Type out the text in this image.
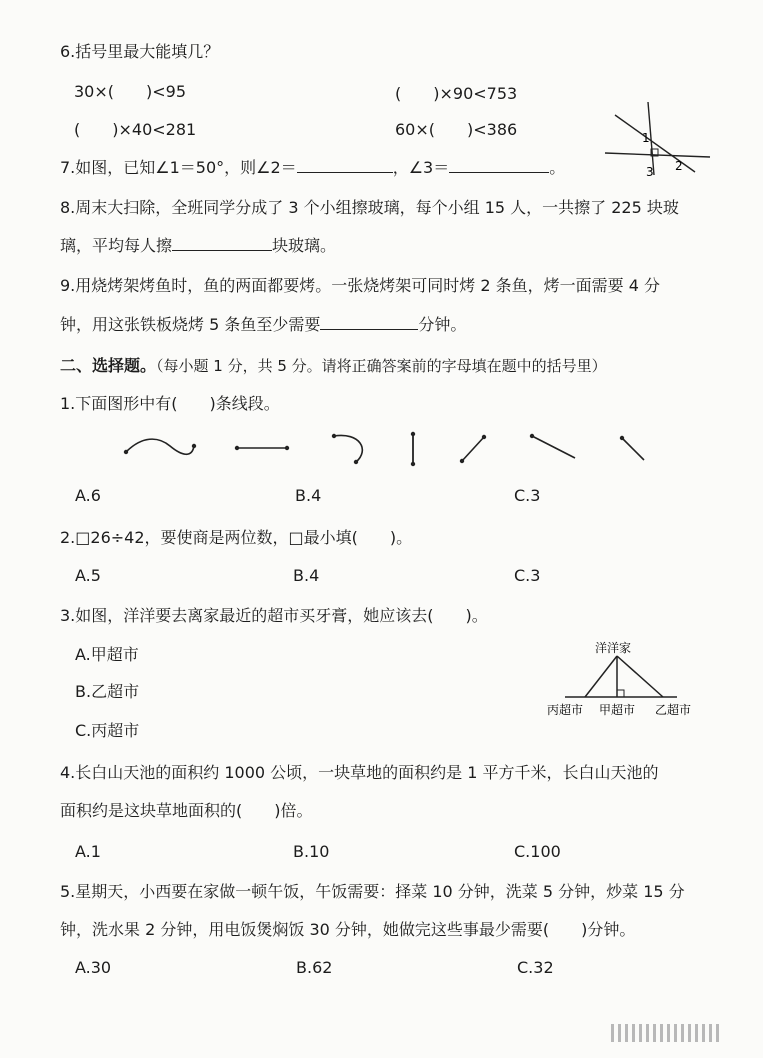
6.括号里最大能填几？
30×(　　)<95	(　　)×90<753
(　　)×40<281	60×(　　)<386	1
2
3
7.如图，已知∠1＝50°，则∠2＝	，∠3＝	。
8.周末大扫除，全班同学分成了 3 个小组擦玻璃，每个小组 15 人，一共擦了 225 块玻
璃，平均每人擦	块玻璃。
9.用烧烤架烤鱼时，鱼的两面都要烤。一张烧烤架可同时烤 2 条鱼，烤一面需要 4 分
钟，用这张铁板烧烤 5 条鱼至少需要	分钟。
二、选择题。（每小题 1 分，共 5 分。请将正确答案前的字母填在题中的括号里）
1.下面图形中有(　　)条线段。
A.6	B.4	C.3
2.□26÷42，要使商是两位数，□最小填(　　)。
A.5	B.4	C.3
3.如图，洋洋要去离家最近的超市买牙膏，她应该去(　　)。
A.甲超市
B.乙超市
C.丙超市
洋洋家
丙超市 甲超市 乙超市
4.长白山天池的面积约 1000 公顷，一块草地的面积约是 1 平方千米，长白山天池的
面积约是这块草地面积的(　　)倍。
A.1	B.10	C.100
5.星期天，小西要在家做一顿午饭，午饭需要：择菜 10 分钟，洗菜 5 分钟，炒菜 15 分
钟，洗水果 2 分钟，用电饭煲焖饭 30 分钟，她做完这些事最少需要(　　)分钟。
A.30	B.62	C.32
